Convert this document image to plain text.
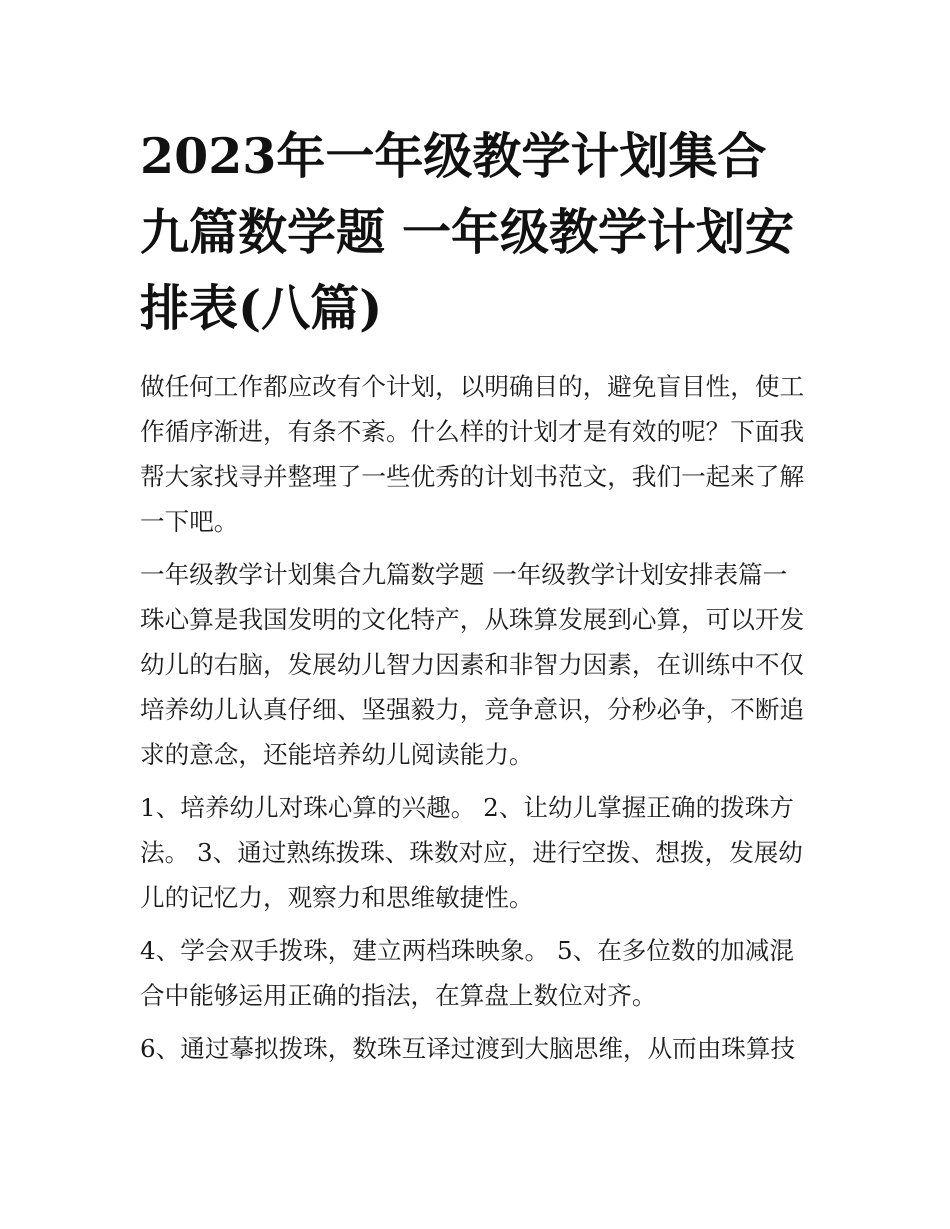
2023年一年级教学计划集合九篇数学题 一年级教学计划安排表(八篇)

做任何工作都应改有个计划，以明确目的，避免盲目性，使工作循序渐进，有条不紊。什么样的计划才是有效的呢？下面我帮大家找寻并整理了一些优秀的计划书范文，我们一起来了解一下吧。

一年级教学计划集合九篇数学题 一年级教学计划安排表篇一

珠心算是我国发明的文化特产，从珠算发展到心算，可以开发幼儿的右脑，发展幼儿智力因素和非智力因素，在训练中不仅培养幼儿认真仔细、坚强毅力，竞争意识，分秒必争，不断追求的意念，还能培养幼儿阅读能力。

1、培养幼儿对珠心算的兴趣。 2、让幼儿掌握正确的拨珠方法。 3、通过熟练拨珠、珠数对应，进行空拨、想拨，发展幼儿的记忆力，观察力和思维敏捷性。

4、学会双手拨珠，建立两档珠映象。 5、在多位数的加减混合中能够运用正确的指法，在算盘上数位对齐。

6、通过摹拟拨珠，数珠互译过渡到大脑思维，从而由珠算技
